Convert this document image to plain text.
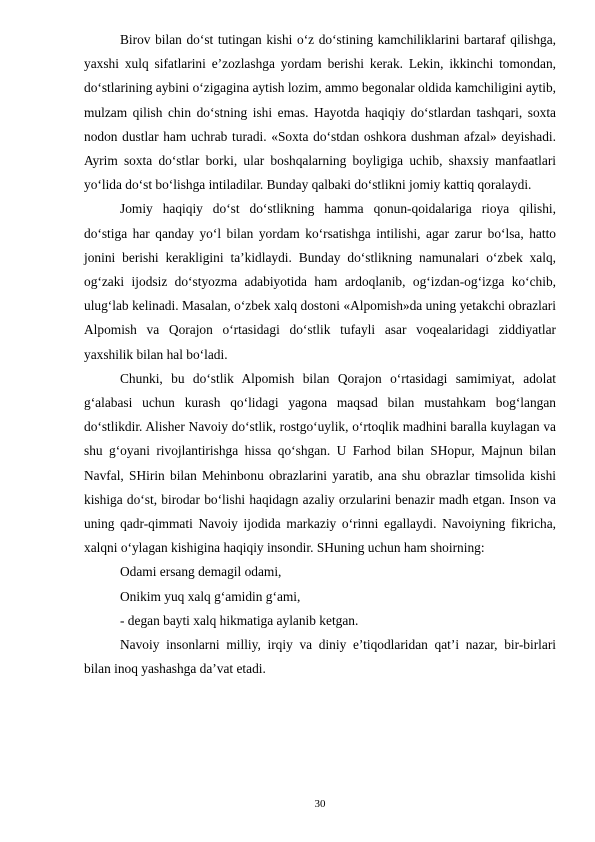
Birov bilan do‘st tutingan kishi o‘z do‘stining kamchiliklarini bartaraf qilishga, yaxshi xulq sifatlarini e’zozlashga yordam berishi kerak. Lekin, ikkinchi tomondan, do‘stlarining aybini o‘zigagina aytish lozim, ammo begonalar oldida kamchiligini aytib, mulzam qilish chin do‘stning ishi emas. Hayotda haqiqiy do‘stlardan tashqari, soxta nodon dustlar ham uchrab turadi. «Soxta do‘stdan oshkora dushman afzal» deyishadi. Ayrim soxta do‘stlar borki, ular boshqalarning boyligiga uchib, shaxsiy manfaatlari yo‘lida do‘st bo‘lishga intiladilar. Bunday qalbaki do‘stlikni jomiy kattiq qoralaydi.

Jomiy haqiqiy do‘st do‘stlikning hamma qonun-qoidalariga rioya qilishi, do‘stiga har qanday yo‘l bilan yordam ko‘rsatishga intilishi, agar zarur bo‘lsa, hatto jonini berishi kerakligini ta’kidlaydi. Bunday do‘stlikning namunalari o‘zbek xalq, og‘zaki ijodsiz do‘styozma adabiyotida ham ardoqlanib, og‘izdan-og‘izga ko‘chib, ulug‘lab kelinadi. Masalan, o‘zbek xalq dostoni «Alpomish»da uning yetakchi obrazlari Alpomish va Qorajon o‘rtasidagi do‘stlik tufayli asar voqealaridagi ziddiyatlar yaxshilik bilan hal bo‘ladi.

Chunki, bu do‘stlik Alpomish bilan Qorajon o‘rtasidagi samimiyat, adolat g‘alabasi uchun kurash qo‘lidagi yagona maqsad bilan mustahkam bog‘langan do‘stlikdir. Alisher Navoiy do‘stlik, rostgo‘uylik, o‘rtoqlik madhini baralla kuylagan va shu g‘oyani rivojlantirishga hissa qo‘shgan. U Farhod bilan SHopur, Majnun bilan Navfal, SHirin bilan Mehinbonu obrazlarini yaratib, ana shu obrazlar timsolida kishi kishiga do‘st, birodar bo‘lishi haqidagn azaliy orzularini benazir madh etgan. Inson va uning qadr-qimmati Navoiy ijodida markaziy o‘rinni egallaydi. Navoiyning fikricha, xalqni o‘ylagan kishigina haqiqiy insondir. SHuning uchun ham shoirning:

Odami ersang demagil odami,

Onikim yuq xalq g‘amidin g‘ami,

- degan bayti xalq hikmatiga aylanib ketgan.

Navoiy insonlarni milliy, irqiy va diniy e’tiqodlaridan qat’i nazar, bir-birlari bilan inoq yashashga da’vat etadi.

30
